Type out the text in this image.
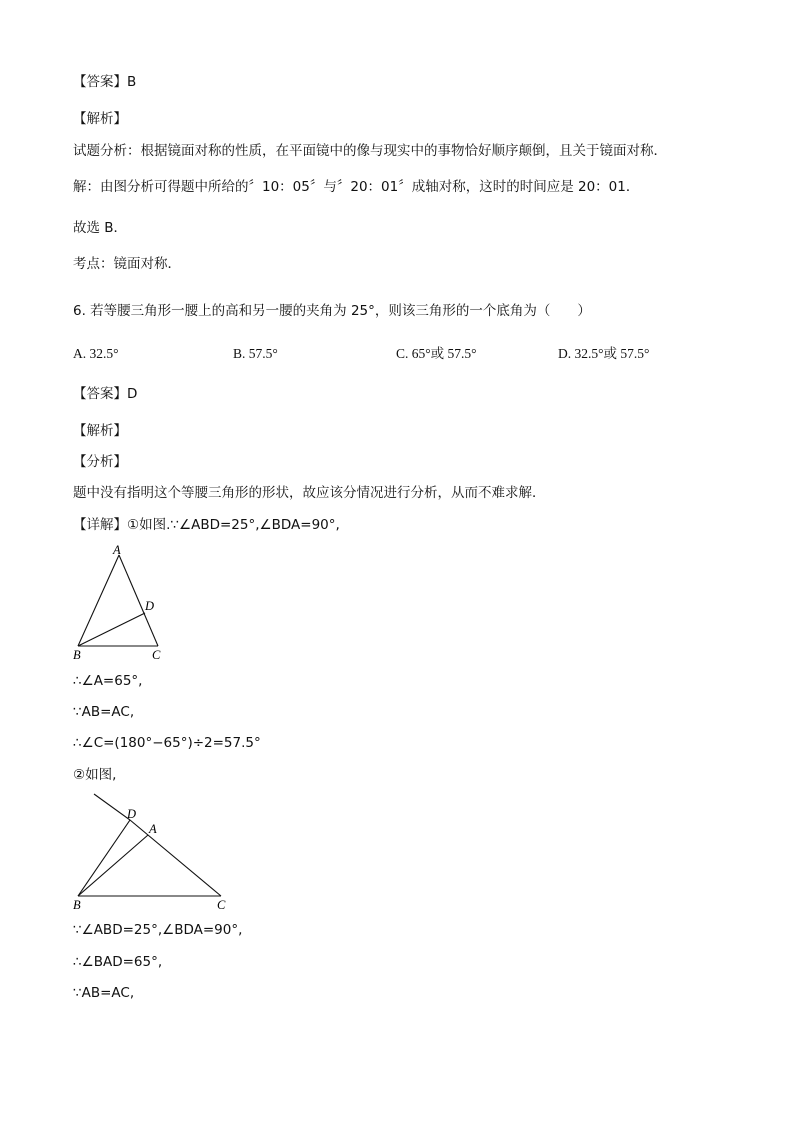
【答案】B
【解析】
试题分析：根据镜面对称的性质，在平面镜中的像与现实中的事物恰好顺序颠倒，且关于镜面对称．
解：由图分析可得题中所给的〞10：05〞与〞20：01〞成轴对称，这时的时间应是 20：01．
故选 B．
考点：镜面对称．
6. 若等腰三角形一腰上的高和另一腰的夹角为 25°，则该三角形的一个底角为（　　）
A. 32.5°	B. 57.5°	C. 65°或 57.5°	D. 32.5°或 57.5°
【答案】D
【解析】
【分析】
题中没有指明这个等腰三角形的形状，故应该分情况进行分析，从而不难求解．
【详解】①如图.∵∠ABD=25°,∠BDA=90°,
A
D
B	C
∴∠A=65°,
∵AB=AC,
∴∠C=(180°−65°)÷2=57.5°
②如图,
D
A
B	C
∵∠ABD=25°,∠BDA=90°,
∴∠BAD=65°,
∵AB=AC,
